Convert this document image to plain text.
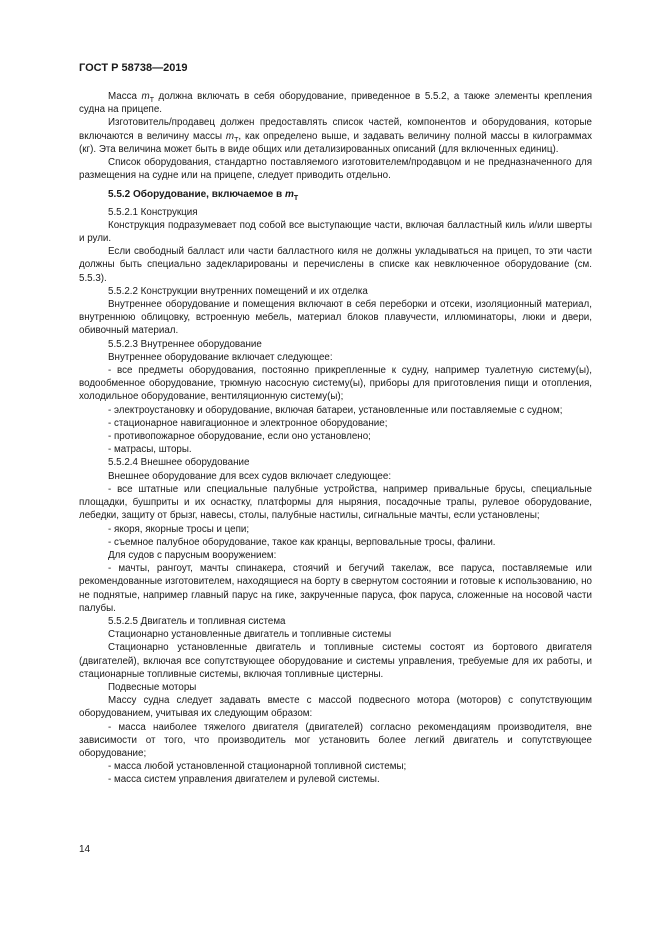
ГОСТ Р 58738—2019
Масса $m_T$ должна включать в себя оборудование, приведенное в 5.5.2, а также элементы крепления судна на прицепе.
Изготовитель/продавец должен предоставлять список частей, компонентов и оборудования, которые включаются в величину массы $m_T$, как определено выше, и задавать величину полной массы в килограммах (кг). Эта величина может быть в виде общих или детализированных описаний (для включенных единиц).
Список оборудования, стандартно поставляемого изготовителем/продавцом и не предназначенного для размещения на судне или на прицепе, следует приводить отдельно.
5.5.2 Оборудование, включаемое в $m_T$
5.5.2.1 Конструкция
Конструкция подразумевает под собой все выступающие части, включая балластный киль и/или шверты и рули.
Если свободный балласт или части балластного киля не должны укладываться на прицеп, то эти части должны быть специально задекларированы и перечислены в списке как невключенное оборудование (см. 5.5.3).
5.5.2.2 Конструкции внутренних помещений и их отделка
Внутреннее оборудование и помещения включают в себя переборки и отсеки, изоляционный материал, внутреннюю облицовку, встроенную мебель, материал блоков плавучести, иллюминаторы, люки и двери, обивочный материал.
5.5.2.3 Внутреннее оборудование
Внутреннее оборудование включает следующее:
- все предметы оборудования, постоянно прикрепленные к судну, например туалетную систему(ы), водообменное оборудование, трюмную насосную систему(ы), приборы для приготовления пищи и отопления, холодильное оборудование, вентиляционную систему(ы);
- электроустановку и оборудование, включая батареи, установленные или поставляемые с судном;
- стационарное навигационное и электронное оборудование;
- противопожарное оборудование, если оно установлено;
- матрасы, шторы.
5.5.2.4 Внешнее оборудование
Внешнее оборудование для всех судов включает следующее:
- все штатные или специальные палубные устройства, например привальные брусы, специальные площадки, бушприты и их оснастку, платформы для ныряния, посадочные трапы, рулевое оборудование, лебедки, защиту от брызг, навесы, столы, палубные настилы, сигнальные мачты, если установлены;
- якоря, якорные тросы и цепи;
- съемное палубное оборудование, такое как кранцы, верповальные тросы, фалини.
Для судов с парусным вооружением:
- мачты, рангоут, мачты спинакера, стоячий и бегучий такелаж, все паруса, поставляемые или рекомендованные изготовителем, находящиеся на борту в свернутом состоянии и готовые к использованию, но не поднятые, например главный парус на гике, закрученные паруса, фок паруса, сложенные на носовой части палубы.
5.5.2.5 Двигатель и топливная система
Стационарно установленные двигатель и топливные системы
Стационарно установленные двигатель и топливные системы состоят из бортового двигателя (двигателей), включая все сопутствующее оборудование и системы управления, требуемые для их работы, и стационарные топливные системы, включая топливные цистерны.
Подвесные моторы
Массу судна следует задавать вместе с массой подвесного мотора (моторов) с сопутствующим оборудованием, учитывая их следующим образом:
- масса наиболее тяжелого двигателя (двигателей) согласно рекомендациям производителя, вне зависимости от того, что производитель мог установить более легкий двигатель и сопутствующее оборудование;
- масса любой установленной стационарной топливной системы;
- масса систем управления двигателем и рулевой системы.
14
